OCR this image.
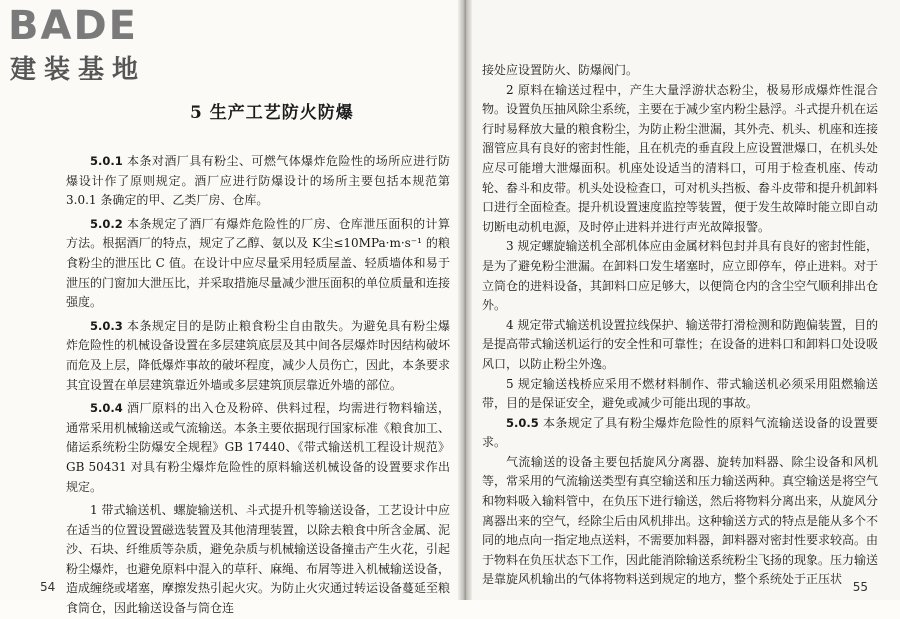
BADE
建装基地
5 生产工艺防火防爆

5.0.1 本条对酒厂具有粉尘、可燃气体爆炸危险性的场所应进行防爆设计作了原则规定。酒厂应进行防爆设计的场所主要包括本规范第 3.0.1 条确定的甲、乙类厂房、仓库。

5.0.2 本条规定了酒厂有爆炸危险性的厂房、仓库泄压面积的计算方法。根据酒厂的特点，规定了乙醇、氨以及 K尘≤10MPa·m·s⁻¹ 的粮食粉尘的泄压比 C 值。在设计中应尽量采用轻质屋盖、轻质墙体和易于泄压的门窗加大泄压比，并采取措施尽量减少泄压面积的单位质量和连接强度。

5.0.3 本条规定目的是防止粮食粉尘自由散失。为避免具有粉尘爆炸危险性的机械设备设置在多层建筑底层及其中间各层爆炸时因结构破坏而危及上层，降低爆炸事故的破坏程度，减少人员伤亡，因此，本条要求其宜设置在单层建筑靠近外墙或多层建筑顶层靠近外墙的部位。

5.0.4 酒厂原料的出入仓及粉碎、供料过程，均需进行物料输送，通常采用机械输送或气流输送。本条主要依据现行国家标准《粮食加工、储运系统粉尘防爆安全规程》GB 17440、《带式输送机工程设计规范》GB 50431 对具有粉尘爆炸危险性的原料输送机械设备的设置要求作出规定。

1 带式输送机、螺旋输送机、斗式提升机等输送设备，工艺设计中应在适当的位置设置磁选装置及其他清理装置，以除去粮食中所含金属、泥沙、石块、纤维质等杂质，避免杂质与机械输送设备撞击产生火花，引起粉尘爆炸，也避免原料中混入的草秆、麻绳、布屑等进入机械输送设备，造成缠绕或堵塞，摩擦发热引起火灾。为防止火灾通过转运设备蔓延至粮食筒仓，因此输送设备与筒仓连

接处应设置防火、防爆阀门。

2 原料在输送过程中，产生大量浮游状态粉尘，极易形成爆炸性混合物。设置负压抽风除尘系统，主要在于减少室内粉尘悬浮。斗式提升机在运行时易释放大量的粮食粉尘，为防止粉尘泄漏，其外壳、机头、机座和连接溜管应具有良好的密封性能，且在机壳的垂直段上应设置泄爆口，在机头处应尽可能增大泄爆面积。机座处设适当的清料口，可用于检查机座、传动轮、畚斗和皮带。机头处设检查口，可对机头挡板、畚斗皮带和提升机卸料口进行全面检查。提升机设置速度监控等装置，便于发生故障时能立即自动切断电动机电源，及时停止进料并进行声光故障报警。

3 规定螺旋输送机全部机体应由金属材料包封并具有良好的密封性能，是为了避免粉尘泄漏。在卸料口发生堵塞时，应立即停车，停止进料。对于立筒仓的进料设备，其卸料口应足够大，以便筒仓内的含尘空气顺利排出仓外。

4 规定带式输送机设置拉线保护、输送带打滑检测和防跑偏装置，目的是提高带式输送机运行的安全性和可靠性；在设备的进料口和卸料口处设吸风口，以防止粉尘外逸。

5 规定输送栈桥应采用不燃材料制作、带式输送机必须采用阻燃输送带，目的是保证安全，避免或减少可能出现的事故。

5.0.5 本条规定了具有粉尘爆炸危险性的原料气流输送设备的设置要求。

气流输送的设备主要包括旋风分离器、旋转加料器、除尘设备和风机等，常采用的气流输送类型有真空输送和压力输送两种。真空输送是将空气和物料吸入输料管中，在负压下进行输送，然后将物料分离出来，从旋风分离器出来的空气，经除尘后由风机排出。这种输送方式的特点是能从多个不同的地点向一指定地点送料，不需要加料器，卸料器对密封性要求较高。由于物料在负压状态下工作，因此能消除输送系统粉尘飞扬的现象。压力输送是靠旋风机输出的气体将物料送到规定的地方，整个系统处于正压状

54	55
